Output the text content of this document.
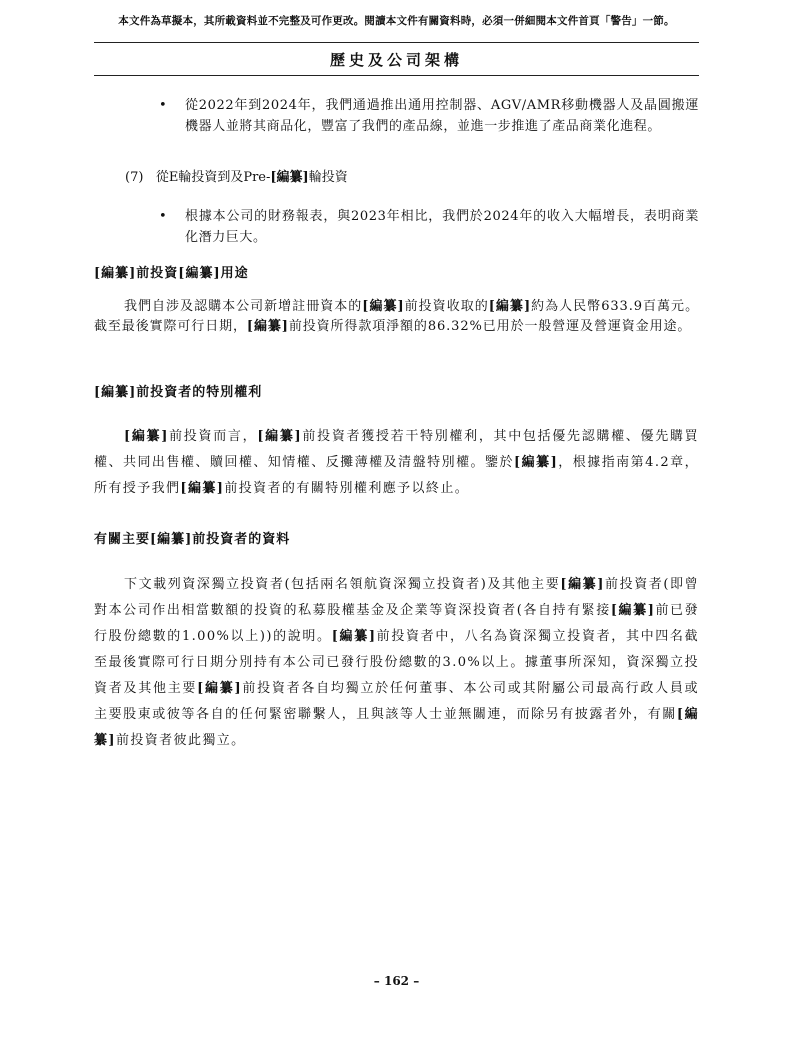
本文件為草擬本，其所載資料並不完整及可作更改。閱讀本文件有關資料時，必須一併細閱本文件首頁「警告」一節。
歷史及公司架構
• 從2022年到2024年，我們通過推出通用控制器、AGV/AMR移動機器人及晶圓搬運機器人並將其商品化，豐富了我們的產品線，並進一步推進了產品商業化進程。
(7) 從E輪投資到及Pre-[編纂]輪投資
• 根據本公司的財務報表，與2023年相比，我們於2024年的收入大幅增長，表明商業化潛力巨大。
[編纂]前投資[編纂]用途
我們自涉及認購本公司新增註冊資本的[編纂]前投資收取的[編纂]約為人民幣633.9百萬元。截至最後實際可行日期，[編纂]前投資所得款項淨額的86.32%已用於一般營運及營運資金用途。
[編纂]前投資者的特別權利
[編纂]前投資而言，[編纂]前投資者獲授若干特別權利，其中包括優先認購權、優先購買權、共同出售權、贖回權、知情權、反攤薄權及清盤特別權。鑒於[編纂]，根據指南第4.2章，所有授予我們[編纂]前投資者的有關特別權利應予以終止。
有關主要[編纂]前投資者的資料
下文載列資深獨立投資者(包括兩名領航資深獨立投資者)及其他主要[編纂]前投資者(即曾對本公司作出相當數額的投資的私募股權基金及企業等資深投資者(各自持有緊接[編纂]前已發行股份總數的1.00%以上))的說明。[編纂]前投資者中，八名為資深獨立投資者，其中四名截至最後實際可行日期分別持有本公司已發行股份總數的3.0%以上。據董事所深知，資深獨立投資者及其他主要[編纂]前投資者各自均獨立於任何董事、本公司或其附屬公司最高行政人員或主要股東或彼等各自的任何緊密聯繫人，且與該等人士並無關連，而除另有披露者外，有關[編纂]前投資者彼此獨立。
– 162 –
